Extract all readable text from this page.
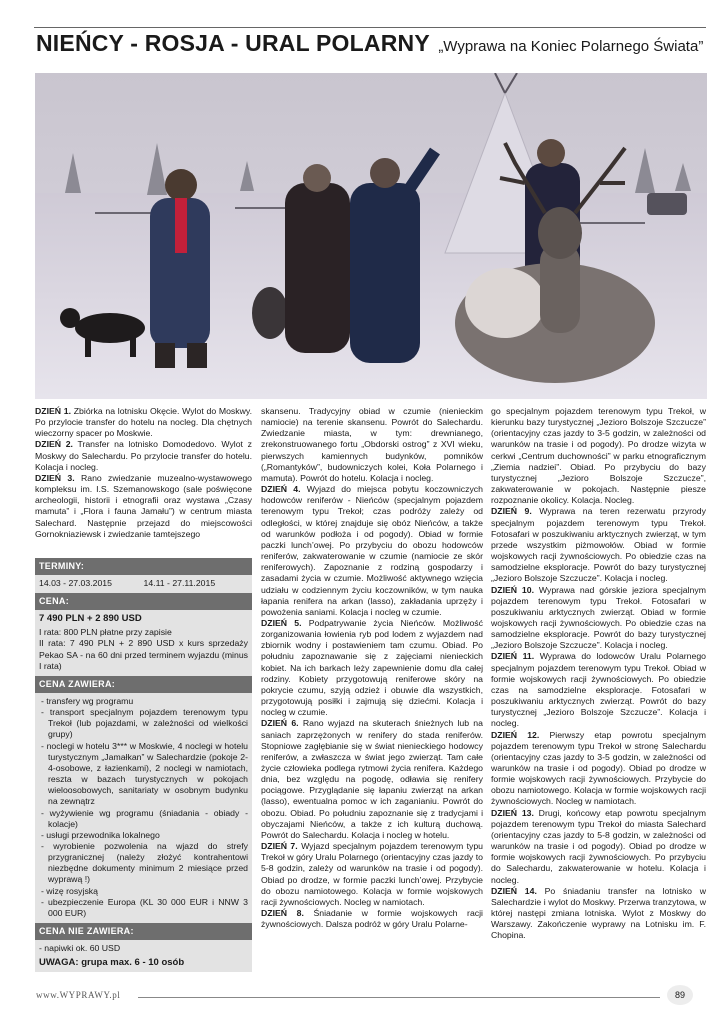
NIEŃCY - ROSJA - URAL POLARNY „Wyprawa na Koniec Polarnego Świata”

DZIEŃ 1. Zbiórka na lotnisku Okęcie. Wylot do Moskwy. Po przylocie transfer do hotelu na nocleg. Dla chętnych wieczorny spacer po Moskwie.

DZIEŃ 2. Transfer na lotnisko Domodedovo. Wylot z Moskwy do Salechardu. Po przylocie transfer do hotelu. Kolacja i nocleg.

DZIEŃ 3. Rano zwiedzanie muzealno-wystawowego kompleksu im. I.S. Szemanowskogo (sale poświęcone archeologii, historii i etnografii oraz wystawa „Czasy mamuta” i „Flora i fauna Jamału”) w centrum miasta Salechard. Następnie przejazd do miejscowości Gornokniaziewsk i zwiedzanie tamtejszego

TERMINY:
14.03 - 27.03.2015	14.11 - 27.11.2015
CENA:
7 490 PLN + 2 890 USD
I rata: 800 PLN płatne przy zapisie
II rata: 7 490 PLN + 2 890 USD x kurs sprzedaży Pekao SA - na 60 dni przed terminem wyjazdu (minus I rata)
CENA ZAWIERA:
- transfery wg programu
- transport specjalnym pojazdem terenowym typu Trekoł (lub pojazdami, w zależności od wielkości grupy)
- noclegi w hotelu 3*** w Moskwie, 4 noclegi w hotelu turystycznym „Jamałkan” w Salechardzie (pokoje 2-4-osobowe, z łazienkami), 2 noclegi w namiotach, reszta w bazach turystycznych w pokojach wieloosobowych, sanitariaty w osobnym budynku na zewnątrz
- wyżywienie wg programu (śniadania - obiady - kolacje)
- usługi przewodnika lokalnego
- wyrobienie pozwolenia na wjazd do strefy przygranicznej (należy złożyć kontrahentowi niezbędne dokumenty minimum 2 miesiące przed wyprawą !)
- wizę rosyjską
- ubezpieczenie Europa (KL 30 000 EUR i NNW 3 000 EUR)
CENA NIE ZAWIERA:
- napiwki ok. 60 USD
UWAGA: grupa max. 6 - 10 osób

skansenu. Tradycyjny obiad w czumie (nienieckim namiocie) na terenie skansenu. Powrót do Salechardu. Zwiedzanie miasta, w tym: drewnianego, zrekonstruowanego fortu „Obdorski ostrog” z XVI wieku, pierwszych kamiennych budynków, pomników („Romantyków”, budowniczych kolei, Koła Polarnego i mamuta). Powrót do hotelu. Kolacja i nocleg.

DZIEŃ 4. Wyjazd do miejsca pobytu koczowniczych hodowców reniferów - Nieńców (specjalnym pojazdem terenowym typu Trekoł; czas podróży zależy od odległości, w której znajduje się obóz Nieńców, a także od warunków podłoża i od pogody). Obiad w formie paczki lunch’owej. Po przybyciu do obozu hodowców reniferów, zakwaterowanie w czumie (namiocie ze skór reniferowych). Zapoznanie z rodziną gospodarzy i zasadami życia w czumie. Możliwość aktywnego wzięcia udziału w codziennym życiu koczowników, w tym nauka łapania renifera na arkan (lasso), zakładania uprzęży i powożenia saniami. Kolacja i nocleg w czumie.

DZIEŃ 5. Podpatrywanie życia Nieńców. Możliwość zorganizowania łowienia ryb pod lodem z wyjazdem nad zbiornik wodny i postawieniem tam czumu. Obiad. Po południu zapoznawanie się z zajęciami nienieckich kobiet. Na ich barkach leży zapewnienie domu dla całej rodziny. Kobiety przygotowują reniferowe skóry na pokrycie czumu, szyją odzież i obuwie dla wszystkich, przygotowują posiłki i zajmują się dziećmi. Kolacja i nocleg w czumie.

DZIEŃ 6. Rano wyjazd na skuterach śnieżnych lub na saniach zaprzężonych w renifery do stada reniferów. Stopniowe zagłębianie się w świat nienieckiego hodowcy reniferów, a zwłaszcza w świat jego zwierząt. Tam całe życie człowieka podlega rytmowi życia renifera. Każdego dnia, bez względu na pogodę, odławia się renifery pociągowe. Przyglądanie się łapaniu zwierząt na arkan (lasso), ewentualna pomoc w ich zaganianiu. Powrót do obozu. Obiad. Po południu zapoznanie się z tradycjami i obyczajami Nieńców, a także z ich kulturą duchową. Powrót do Salechardu. Kolacja i nocleg w hotelu.

DZIEŃ 7. Wyjazd specjalnym pojazdem terenowym typu Trekoł w góry Uralu Polarnego (orientacyjny czas jazdy to 5-8 godzin, zależy od warunków na trasie i od pogody). Obiad po drodze, w formie paczki lunch’owej. Przybycie do obozu namiotowego. Kolacja w formie wojskowych racji żywnościowych. Nocleg w namiotach.

DZIEŃ 8. Śniadanie w formie wojskowych racji żywnościowych. Dalsza podróż w góry Uralu Polarne-

go specjalnym pojazdem terenowym typu Trekoł, w kierunku bazy turystycznej „Jezioro Bolszoje Szczucze” (orientacyjny czas jazdy to 3-5 godzin, w zależności od warunków na trasie i od pogody). Po drodze wizyta w cerkwi „Centrum duchowności” w parku etnograficznym „Ziemia nadziei”. Obiad. Po przybyciu do bazy turystycznej „Jezioro Bolszoje Szczucze”, zakwaterowanie w pokojach. Następnie piesze rozpoznanie okolicy. Kolacja. Nocleg.

DZIEŃ 9. Wyprawa na teren rezerwatu przyrody specjalnym pojazdem terenowym typu Trekoł. Fotosafari w poszukiwaniu arktycznych zwierząt, w tym przede wszystkim piżmowołów. Obiad w formie wojskowych racji żywnościowych. Po obiedzie czas na samodzielne eksploracje. Powrót do bazy turystycznej „Jezioro Bolszoje Szczucze”. Kolacja i nocleg.

DZIEŃ 10. Wyprawa nad górskie jeziora specjalnym pojazdem terenowym typu Trekoł. Fotosafari w poszukiwaniu arktycznych zwierząt. Obiad w formie wojskowych racji żywnościowych. Po obiedzie czas na samodzielne eksploracje. Powrót do bazy turystycznej „Jezioro Bolszoje Szczucze”. Kolacja i nocleg.

DZIEŃ 11. Wyprawa do lodowców Uralu Polarnego specjalnym pojazdem terenowym typu Trekoł. Obiad w formie wojskowych racji żywnościowych. Po obiedzie czas na samodzielne eksploracje. Fotosafari w poszukiwaniu arktycznych zwierząt. Powrót do bazy turystycznej „Jezioro Bolszoje Szczucze”. Kolacja i nocleg.

DZIEŃ 12. Pierwszy etap powrotu specjalnym pojazdem terenowym typu Trekoł w stronę Salechardu (orientacyjny czas jazdy to 3-5 godzin, w zależności od warunków na trasie i od pogody). Obiad po drodze w formie wojskowych racji żywnościowych. Przybycie do obozu namiotowego. Kolacja w formie wojskowych racji żywnościowych. Nocleg w namiotach.

DZIEŃ 13. Drugi, końcowy etap powrotu specjalnym pojazdem terenowym typu Trekoł do miasta Salechard (orientacyjny czas jazdy to 5-8 godzin, w zależności od warunków na trasie i od pogody). Obiad po drodze w formie wojskowych racji żywnościowych. Po przybyciu do Salechardu, zakwaterowanie w hotelu. Kolacja i nocleg.

DZIEŃ 14. Po śniadaniu transfer na lotnisko w Salechardzie i wylot do Moskwy. Przerwa tranzytowa, w której następi zmiana lotniska. Wylot z Moskwy do Warszawy. Zakończenie wyprawy na Lotnisku im. F. Chopina.

www.WYPRAWY.pl	89
